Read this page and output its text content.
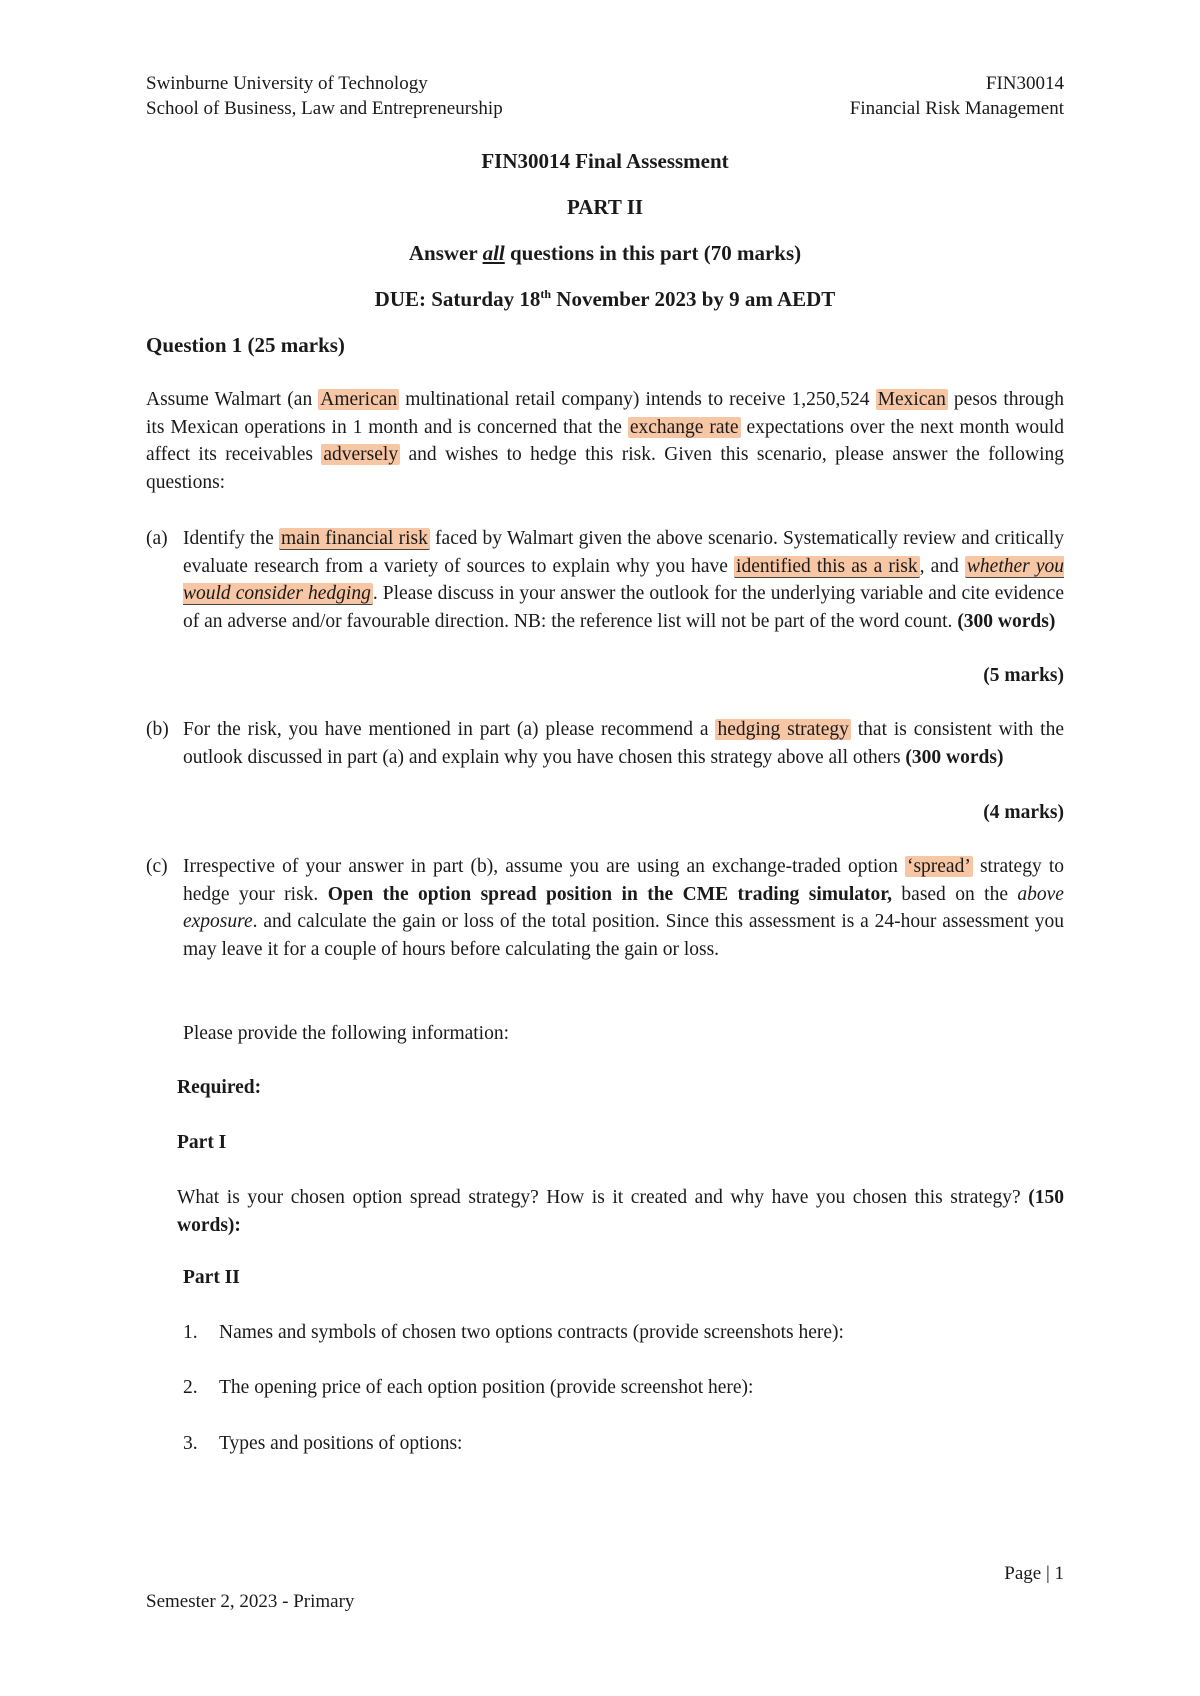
Swinburne University of Technology
School of Business, Law and Entrepreneurship
FIN30014
Financial Risk Management
FIN30014 Final Assessment
PART II
Answer all questions in this part (70 marks)
DUE: Saturday 18th November 2023 by 9 am AEDT
Question 1 (25 marks)
Assume Walmart (an American multinational retail company) intends to receive 1,250,524 Mexican pesos through its Mexican operations in 1 month and is concerned that the exchange rate expectations over the next month would affect its receivables adversely and wishes to hedge this risk. Given this scenario, please answer the following questions:
(a) Identify the main financial risk faced by Walmart given the above scenario. Systematically review and critically evaluate research from a variety of sources to explain why you have identified this as a risk , and whether you would consider hedging . Please discuss in your answer the outlook for the underlying variable and cite evidence of an adverse and/or favourable direction. NB: the reference list will not be part of the word count. (300 words)
(5 marks)
(b) For the risk, you have mentioned in part (a) please recommend a hedging strategy that is consistent with the outlook discussed in part (a) and explain why you have chosen this strategy above all others (300 words)
(4 marks)
(c) Irrespective of your answer in part (b), assume you are using an exchange-traded option ‘spread’ strategy to hedge your risk. Open the option spread position in the CME trading simulator, based on the above exposure. and calculate the gain or loss of the total position. Since this assessment is a 24-hour assessment you may leave it for a couple of hours before calculating the gain or loss.
Please provide the following information:
Required:
Part I
What is your chosen option spread strategy? How is it created and why have you chosen this strategy? (150 words):
Part II
1. Names and symbols of chosen two options contracts (provide screenshots here):
2. The opening price of each option position (provide screenshot here):
3. Types and positions of options:
Page | 1
Semester 2, 2023 - Primary
